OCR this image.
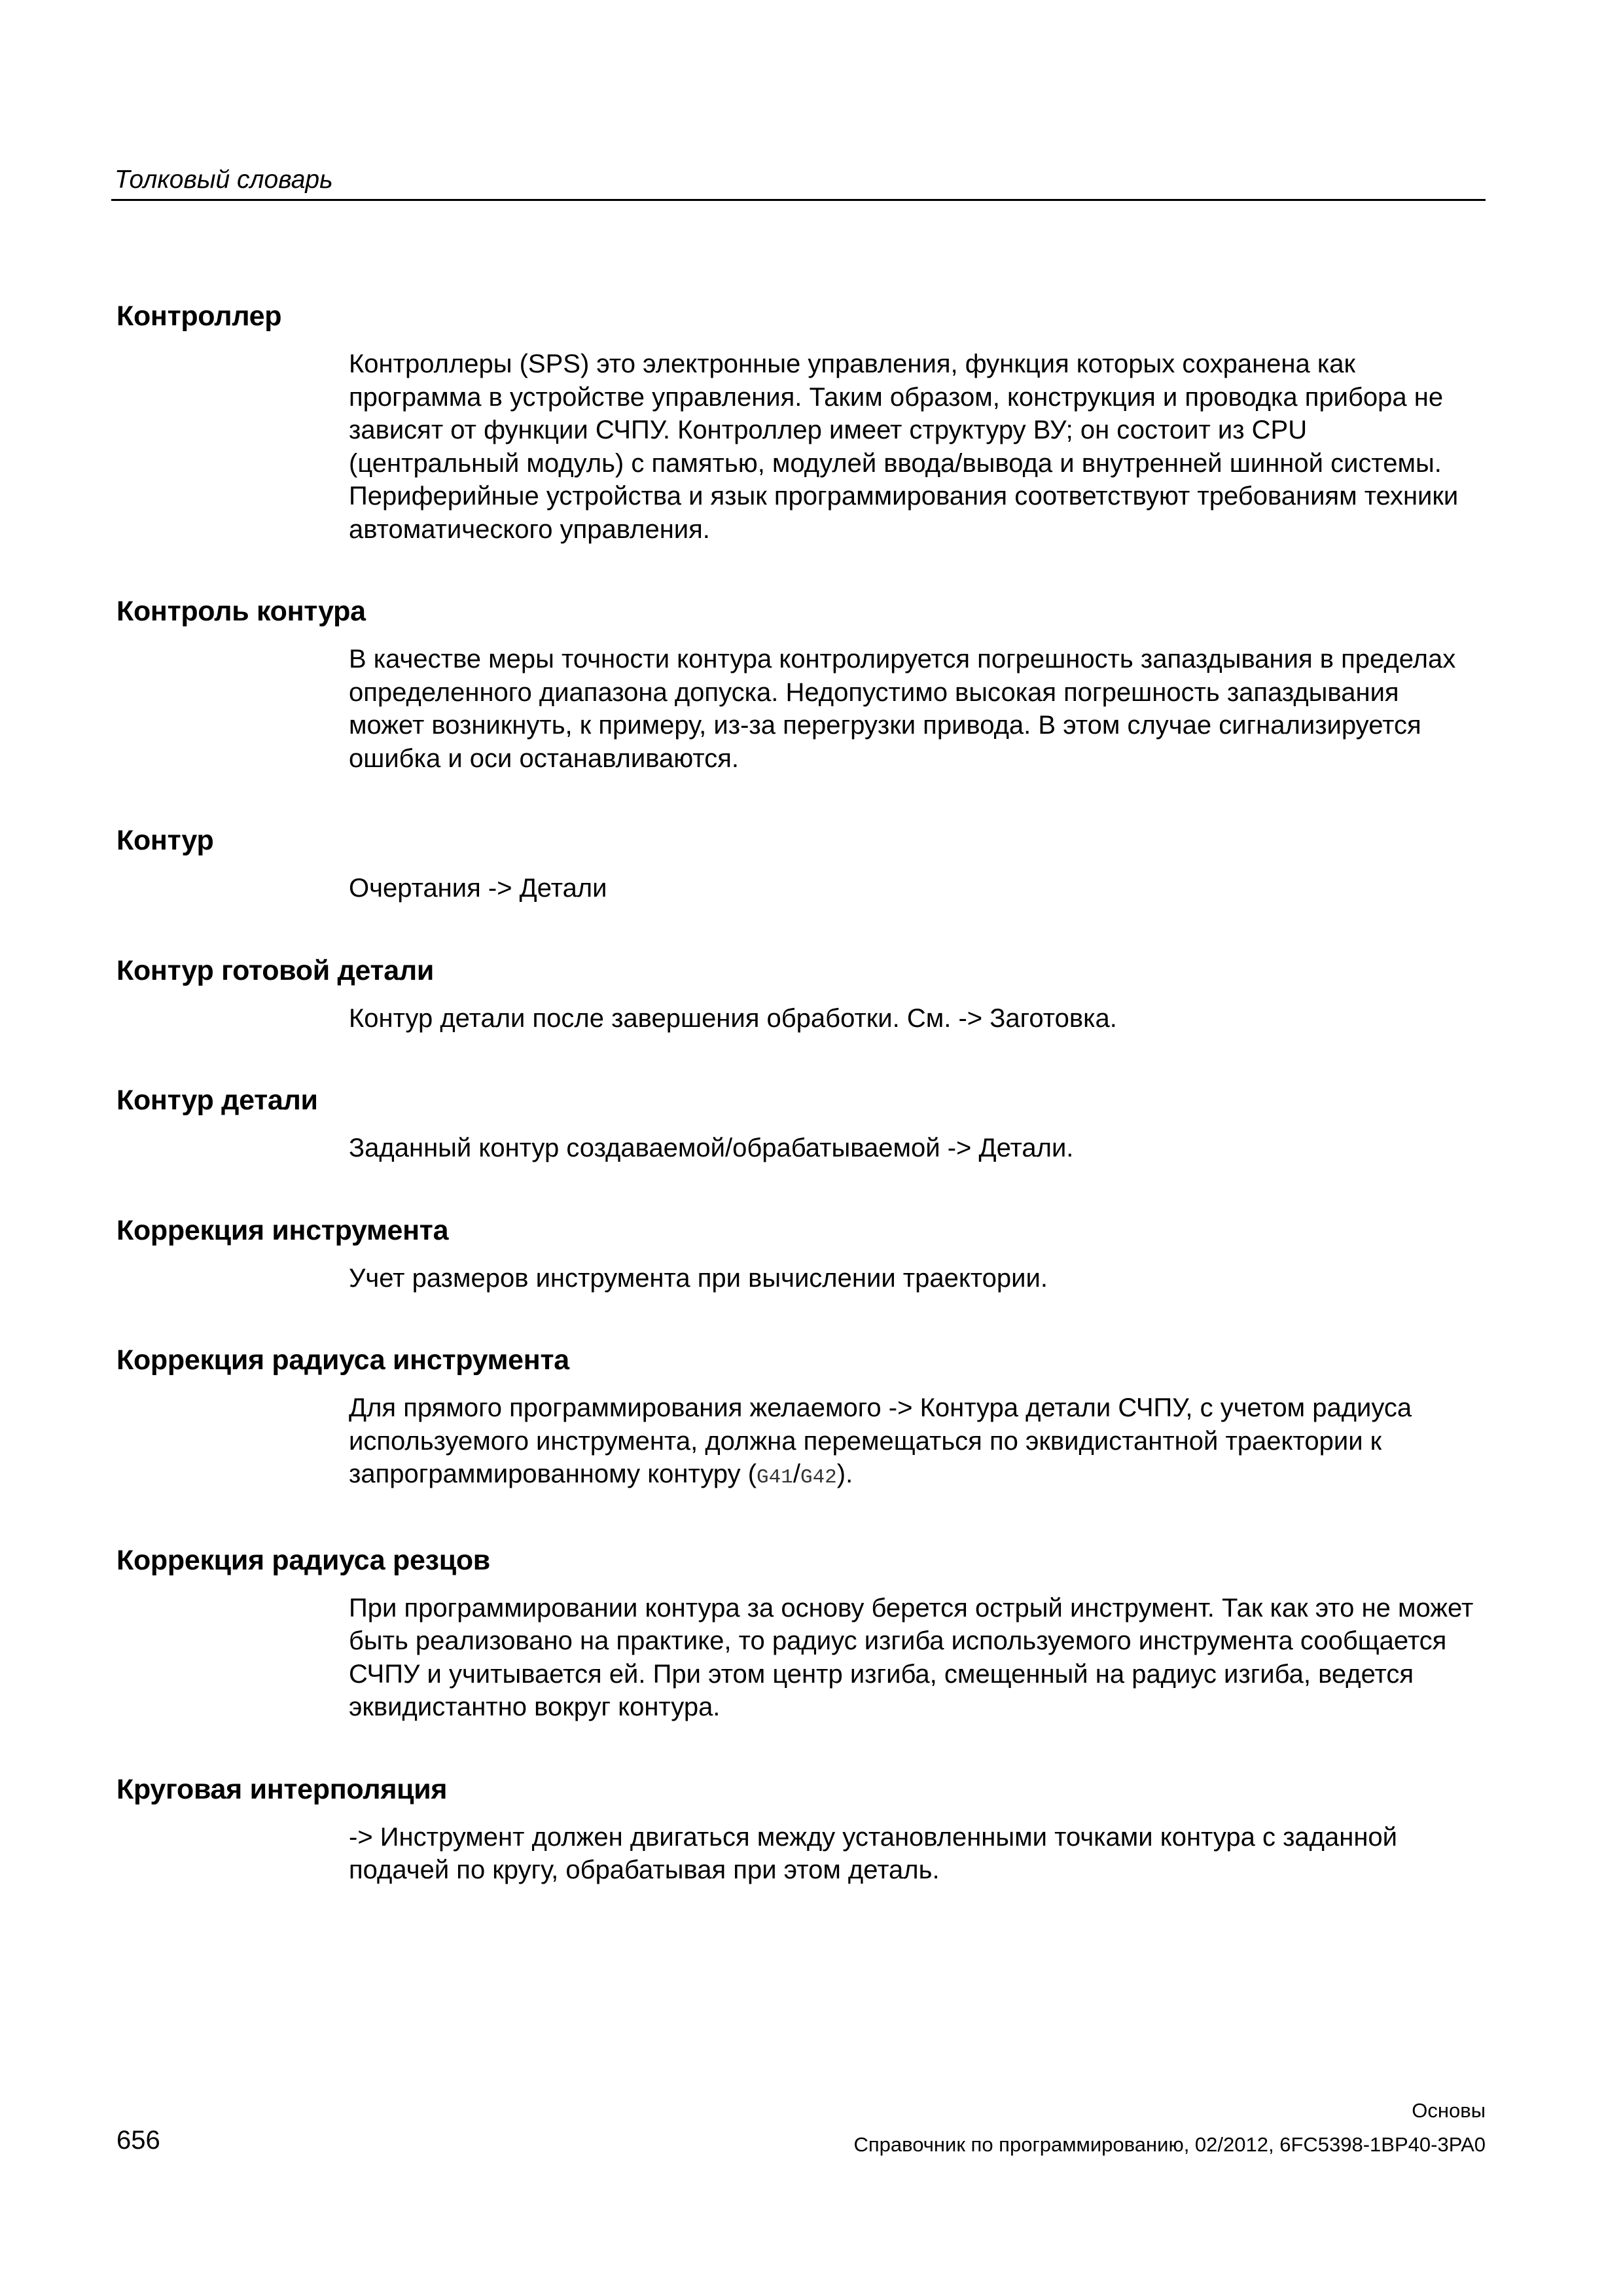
Толковый словарь
Контроллер
Контроллеры (SPS) это электронные управления, функция которых сохранена как программа в устройстве управления. Таким образом, конструкция и проводка прибора не зависят от функции СЧПУ. Контроллер имеет структуру ВУ; он состоит из CPU (центральный модуль) с памятью, модулей ввода/вывода и внутренней шинной системы. Периферийные устройства и язык программирования соответствуют требованиям техники автоматического управления.
Контроль контура
В качестве меры точности контура контролируется погрешность запаздывания в пределах определенного диапазона допуска. Недопустимо высокая погрешность запаздывания может возникнуть, к примеру, из-за перегрузки привода. В этом случае сигнализируется ошибка и оси останавливаются.
Контур
Очертания -> Детали
Контур готовой детали
Контур детали после завершения обработки. См. -> Заготовка.
Контур детали
Заданный контур создаваемой/обрабатываемой -> Детали.
Коррекция инструмента
Учет размеров инструмента при вычислении траектории.
Коррекция радиуса инструмента
Для прямого программирования желаемого -> Контура детали СЧПУ, с учетом радиуса используемого инструмента, должна перемещаться по эквидистантной траектории к запрограммированному контуру (G41/G42).
Коррекция радиуса резцов
При программировании контура за основу берется острый инструмент. Так как это не может быть реализовано на практике, то радиус изгиба используемого инструмента сообщается СЧПУ и учитывается ей. При этом центр изгиба, смещенный на радиус изгиба, ведется эквидистантно вокруг контура.
Круговая интерполяция
-> Инструмент должен двигаться между установленными точками контура с заданной подачей по кругу, обрабатывая при этом деталь.
Основы
656	Справочник по программированию, 02/2012, 6FC5398-1BP40-3PA0
